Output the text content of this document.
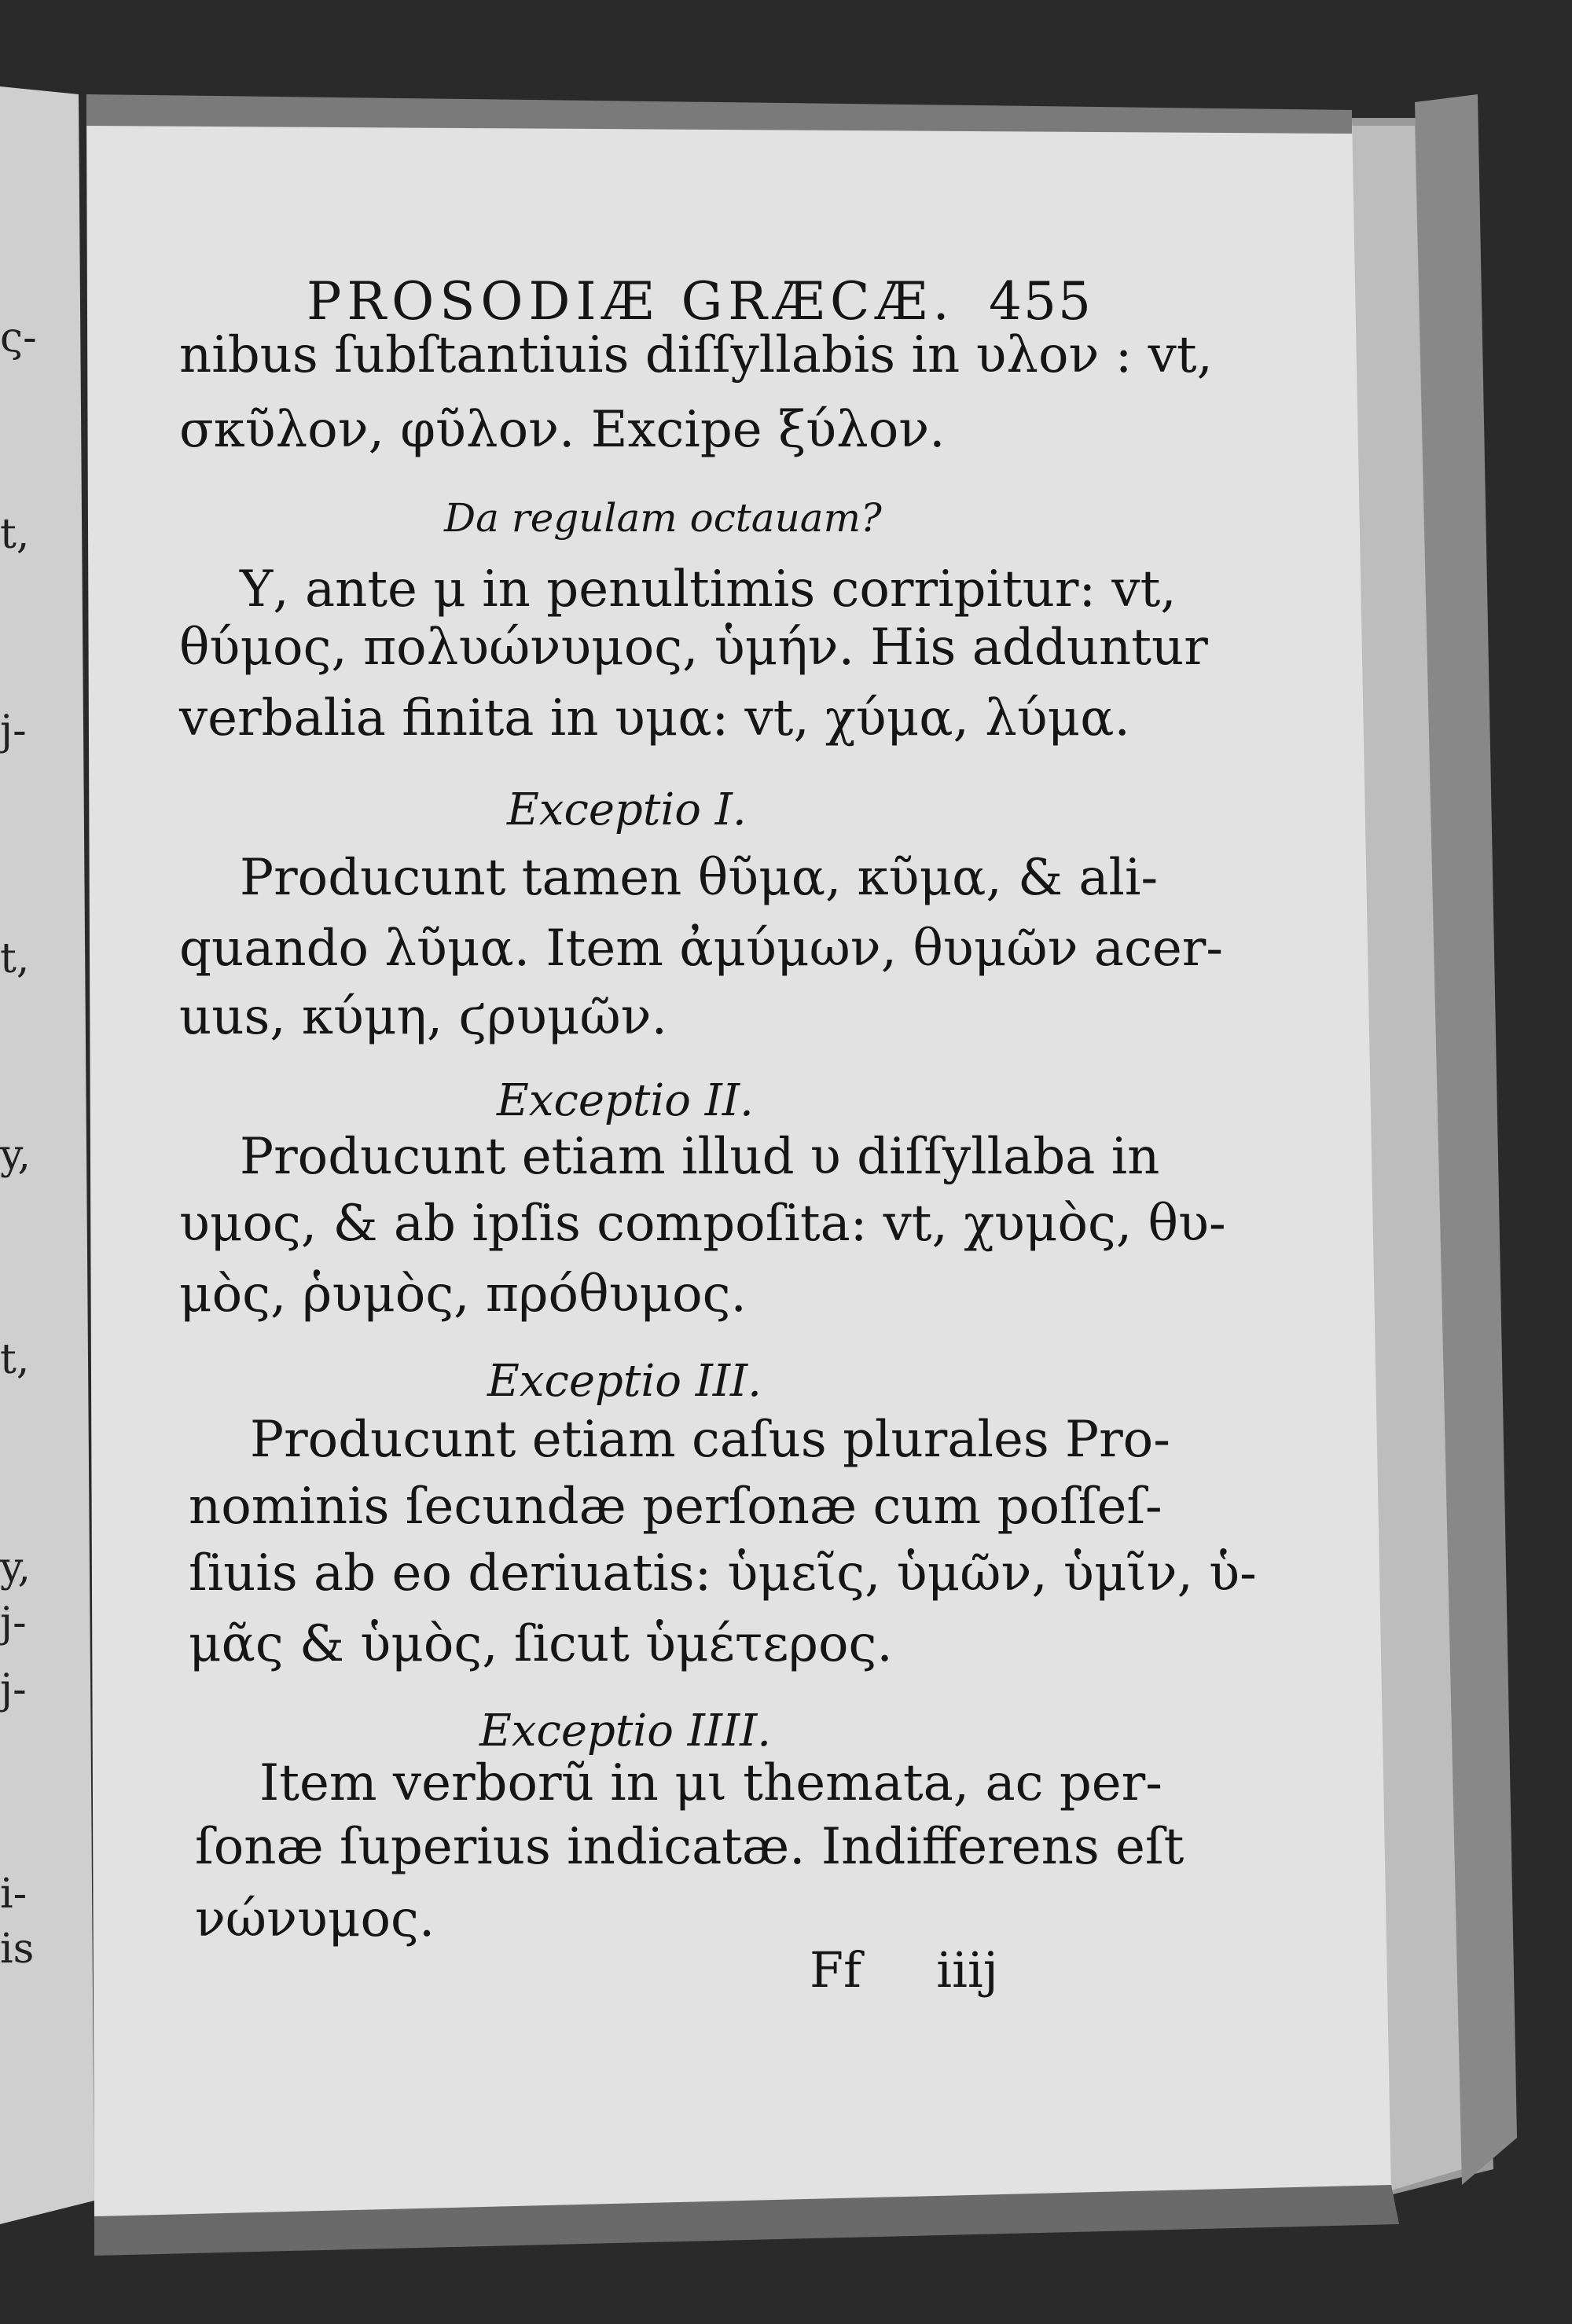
ς-
t,
j-
t,
y,
t,
y,
j-
j-
i-
is
PROSODIÆ GRÆCÆ. 455
nibus ſubſtantiuis diſſyllabis in υλον : vt,
σκῦλον, φῦλον. Excipe ξύλον.
Da regulam octauam?
Υ, ante μ in penultimis corripitur: vt,
θύμος, πολυώνυμος, ὑμήν. His adduntur
verbalia finita in υμα: vt, χύμα, λύμα.
Exceptio I.
Producunt tamen θῦμα, κῦμα, & ali-
quando λῦμα. Item ἀμύμων, θυμῶν acer-
uus, κύμη, ϛρυμῶν.
Exceptio II.
Producunt etiam illud υ diſſyllaba in
υμος, & ab ipſis compoſita: vt, χυμὸς, θυ-
μὸς, ῥυμὸς, πρόθυμος.
Exceptio III.
Producunt etiam caſus plurales Pro-
nominis ſecundæ perſonæ cum poſſeſ-
ſiuis ab eo deriuatis: ὑμεῖς, ὑμῶν, ὑμῖν, ὑ-
μᾶς & ὑμὸς, ſicut ὑμέτερος.
Exceptio IIII.
Item verborũ in μι themata, ac per-
ſonæ ſuperius indicatæ. Indifferens eſt
νώνυμος.
Ff iiij
